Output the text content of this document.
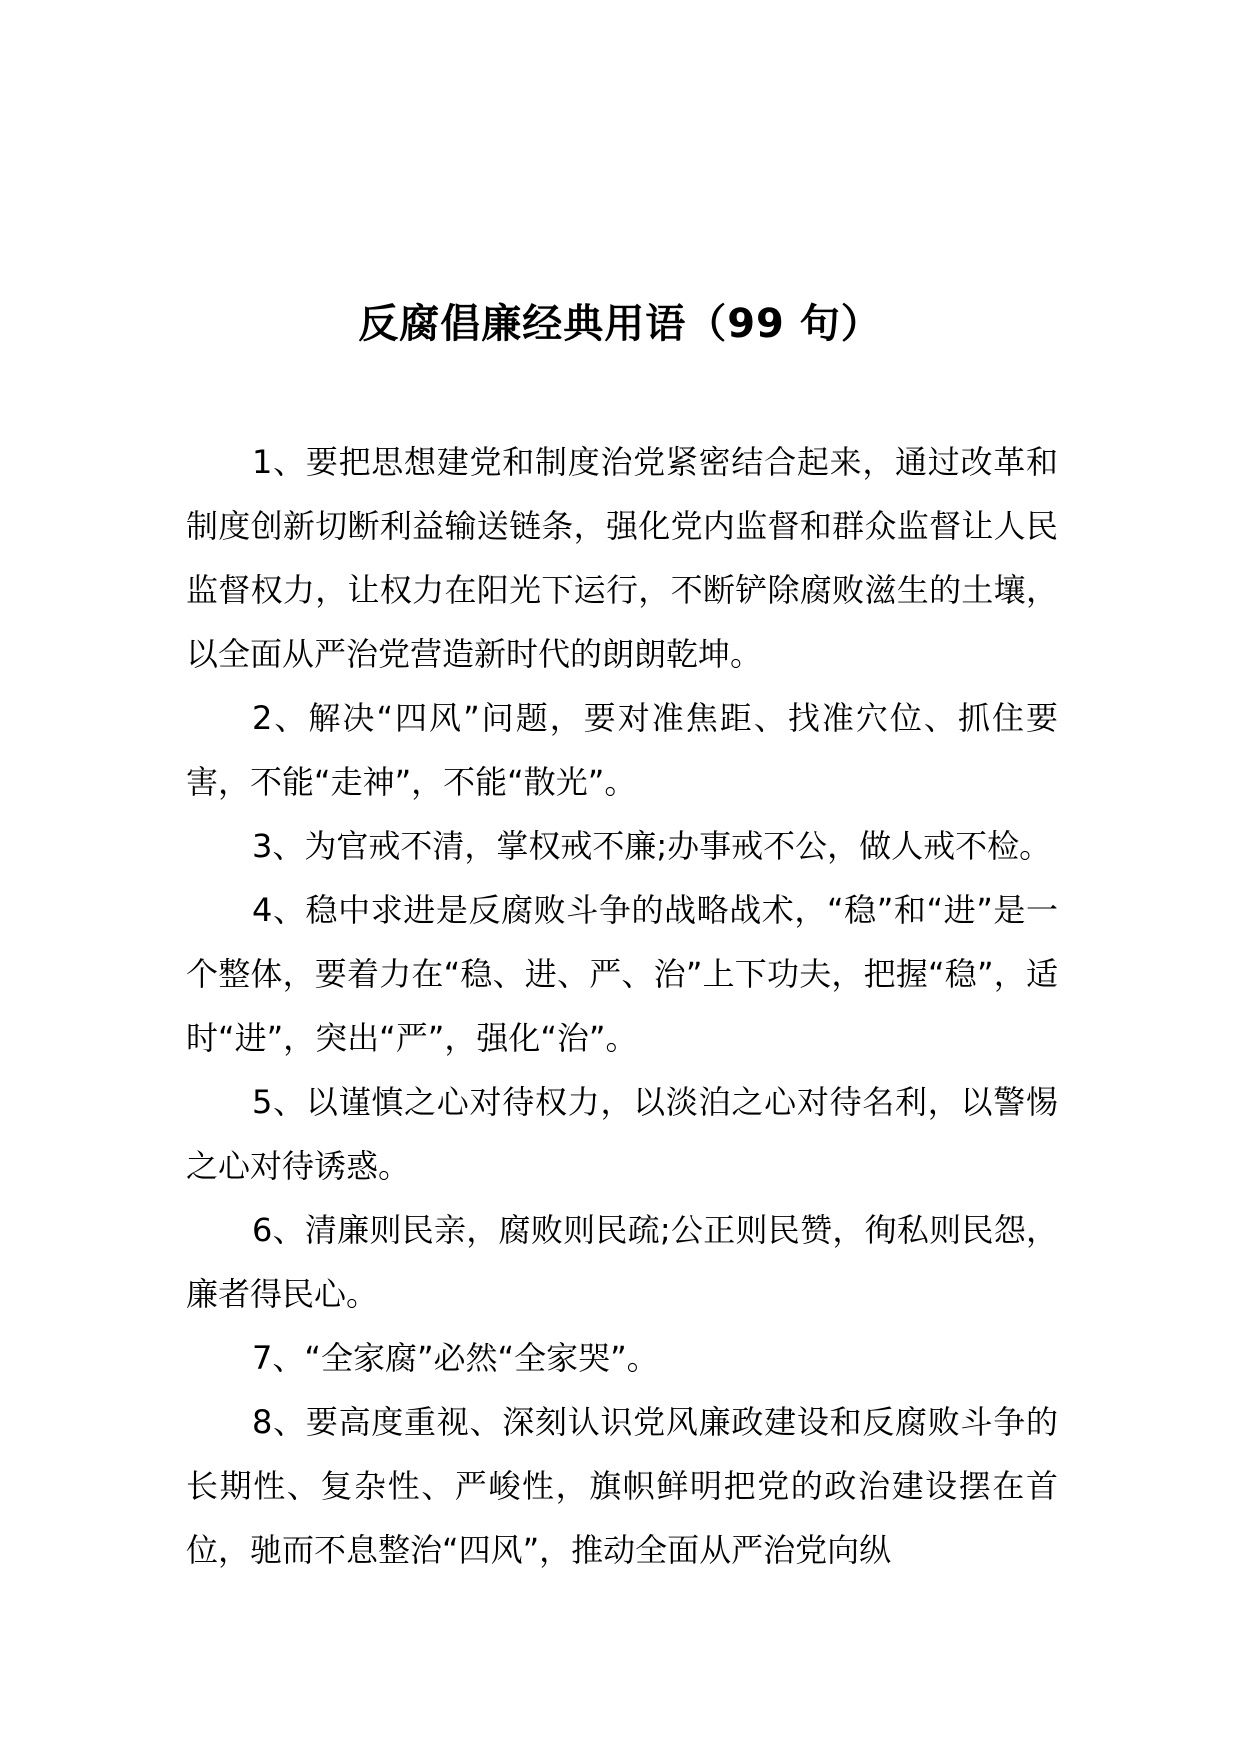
反腐倡廉经典用语（99 句）

1、要把思想建党和制度治党紧密结合起来，通过改革和制度创新切断利益输送链条，强化党内监督和群众监督让人民监督权力，让权力在阳光下运行，不断铲除腐败滋生的土壤，以全面从严治党营造新时代的朗朗乾坤。

2、解决“四风”问题，要对准焦距、找准穴位、抓住要害，不能“走神”，不能“散光”。

3、为官戒不清，掌权戒不廉;办事戒不公，做人戒不检。

4、稳中求进是反腐败斗争的战略战术，“稳”和“进”是一个整体，要着力在“稳、进、严、治”上下功夫，把握“稳”，适时“进”，突出“严”，强化“治”。

5、以谨慎之心对待权力，以淡泊之心对待名利，以警惕之心对待诱惑。

6、清廉则民亲，腐败则民疏;公正则民赞，徇私则民怨，廉者得民心。

7、“全家腐”必然“全家哭”。

8、要高度重视、深刻认识党风廉政建设和反腐败斗争的长期性、复杂性、严峻性，旗帜鲜明把党的政治建设摆在首位，驰而不息整治“四风”，推动全面从严治党向纵
